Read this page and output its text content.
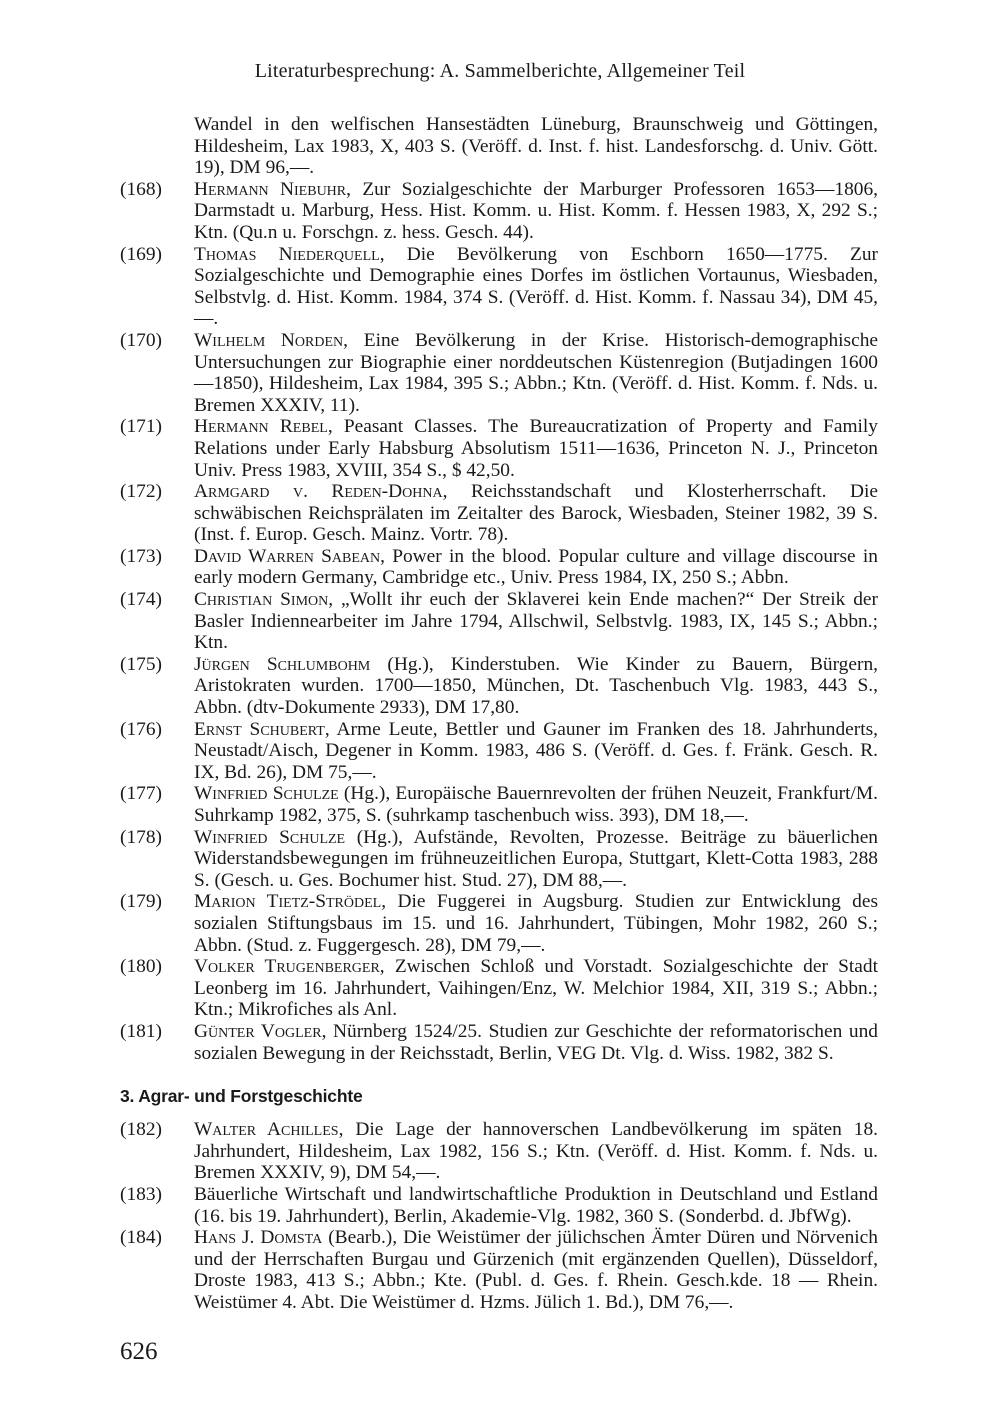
Literaturbesprechung: A. Sammelberichte, Allgemeiner Teil

Wandel in den welfischen Hansestädten Lüneburg, Braunschweig und Göttingen, Hildesheim, Lax 1983, X, 403 S. (Veröff. d. Inst. f. hist. Landesforschg. d. Univ. Gött. 19), DM 96,—.

(168) Hermann Niebuhr, Zur Sozialgeschichte der Marburger Professoren 1653—1806, Darmstadt u. Marburg, Hess. Hist. Komm. u. Hist. Komm. f. Hessen 1983, X, 292 S.; Ktn. (Qu.n u. Forschgn. z. hess. Gesch. 44).

(169) Thomas Niederquell, Die Bevölkerung von Eschborn 1650—1775. Zur Sozialgeschichte und Demographie eines Dorfes im östlichen Vortaunus, Wiesbaden, Selbstvlg. d. Hist. Komm. 1984, 374 S. (Veröff. d. Hist. Komm. f. Nassau 34), DM 45,—.

(170) Wilhelm Norden, Eine Bevölkerung in der Krise. Historisch-demographische Untersuchungen zur Biographie einer norddeutschen Küstenregion (Butjadingen 1600—1850), Hildesheim, Lax 1984, 395 S.; Abbn.; Ktn. (Veröff. d. Hist. Komm. f. Nds. u. Bremen XXXIV, 11).

(171) Hermann Rebel, Peasant Classes. The Bureaucratization of Property and Family Relations under Early Habsburg Absolutism 1511—1636, Princeton N. J., Princeton Univ. Press 1983, XVIII, 354 S., $ 42,50.

(172) Armgard v. Reden-Dohna, Reichsstandschaft und Klosterherrschaft. Die schwäbischen Reichsprälaten im Zeitalter des Barock, Wiesbaden, Steiner 1982, 39 S. (Inst. f. Europ. Gesch. Mainz. Vortr. 78).

(173) David Warren Sabean, Power in the blood. Popular culture and village discourse in early modern Germany, Cambridge etc., Univ. Press 1984, IX, 250 S.; Abbn.

(174) Christian Simon, „Wollt ihr euch der Sklaverei kein Ende machen?“ Der Streik der Basler Indiennearbeiter im Jahre 1794, Allschwil, Selbstvlg. 1983, IX, 145 S.; Abbn.; Ktn.

(175) Jürgen Schlumbohm (Hg.), Kinderstuben. Wie Kinder zu Bauern, Bürgern, Aristokraten wurden. 1700—1850, München, Dt. Taschenbuch Vlg. 1983, 443 S., Abbn. (dtv-Dokumente 2933), DM 17,80.

(176) Ernst Schubert, Arme Leute, Bettler und Gauner im Franken des 18. Jahrhunderts, Neustadt/Aisch, Degener in Komm. 1983, 486 S. (Veröff. d. Ges. f. Fränk. Gesch. R. IX, Bd. 26), DM 75,—.

(177) Winfried Schulze (Hg.), Europäische Bauernrevolten der frühen Neuzeit, Frankfurt/M. Suhrkamp 1982, 375, S. (suhrkamp taschenbuch wiss. 393), DM 18,—.

(178) Winfried Schulze (Hg.), Aufstände, Revolten, Prozesse. Beiträge zu bäuerlichen Widerstandsbewegungen im frühneuzeitlichen Europa, Stuttgart, Klett-Cotta 1983, 288 S. (Gesch. u. Ges. Bochumer hist. Stud. 27), DM 88,—.

(179) Marion Tietz-Strödel, Die Fuggerei in Augsburg. Studien zur Entwicklung des sozialen Stiftungsbaus im 15. und 16. Jahrhundert, Tübingen, Mohr 1982, 260 S.; Abbn. (Stud. z. Fuggergesch. 28), DM 79,—.

(180) Volker Trugenberger, Zwischen Schloß und Vorstadt. Sozialgeschichte der Stadt Leonberg im 16. Jahrhundert, Vaihingen/Enz, W. Melchior 1984, XII, 319 S.; Abbn.; Ktn.; Mikrofiches als Anl.

(181) Günter Vogler, Nürnberg 1524/25. Studien zur Geschichte der reformatorischen und sozialen Bewegung in der Reichsstadt, Berlin, VEG Dt. Vlg. d. Wiss. 1982, 382 S.

3. Agrar- und Forstgeschichte

(182) Walter Achilles, Die Lage der hannoverschen Landbevölkerung im späten 18. Jahrhundert, Hildesheim, Lax 1982, 156 S.; Ktn. (Veröff. d. Hist. Komm. f. Nds. u. Bremen XXXIV, 9), DM 54,—.

(183) Bäuerliche Wirtschaft und landwirtschaftliche Produktion in Deutschland und Estland (16. bis 19. Jahrhundert), Berlin, Akademie-Vlg. 1982, 360 S. (Sonderbd. d. JbfWg).

(184) Hans J. Domsta (Bearb.), Die Weistümer der jülichschen Ämter Düren und Nörvenich und der Herrschaften Burgau und Gürzenich (mit ergänzenden Quellen), Düsseldorf, Droste 1983, 413 S.; Abbn.; Kte. (Publ. d. Ges. f. Rhein. Gesch.kde. 18 — Rhein. Weistümer 4. Abt. Die Weistümer d. Hzms. Jülich 1. Bd.), DM 76,—.

626
